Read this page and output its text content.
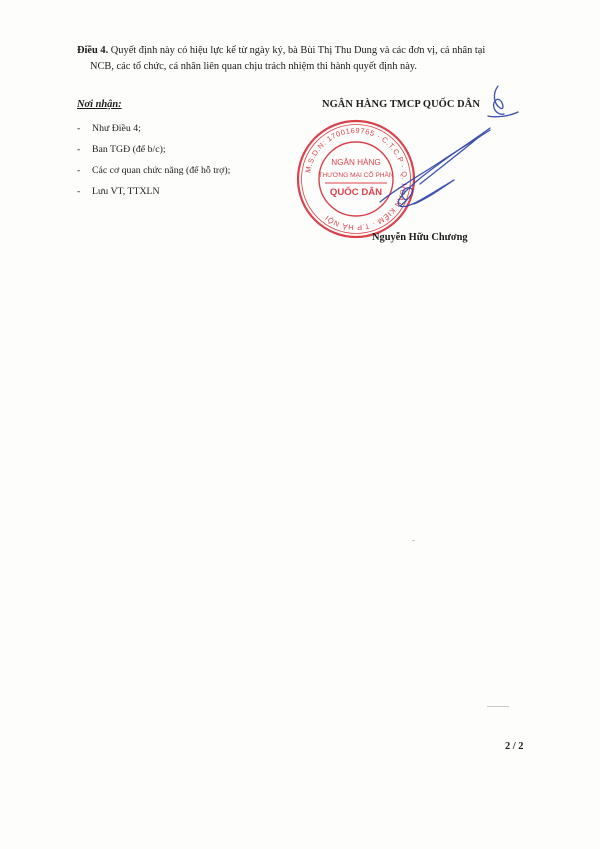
Điều 4. Quyết định này có hiệu lực kể từ ngày ký, bà Bùi Thị Thu Dung và các đơn vị, cá nhân tại
NCB, các tổ chức, cá nhân liên quan chịu trách nhiệm thi hành quyết định này.
Nơi nhận:
- Như Điều 4;
- Ban TGĐ (để b/c);
- Các cơ quan chức năng (để hỗ trợ);
- Lưu VT, TTXLN
NGÂN HÀNG TMCP QUỐC DÂN
M.S.D.N: 1700169765 · C.T.C.P · Q. HOÀN KIẾM · T.P HÀ NỘI
NGÂN HÀNG
THƯƠNG MẠI CỔ PHẦN
QUỐC DÂN
Nguyễn Hữu Chương
2 / 2
